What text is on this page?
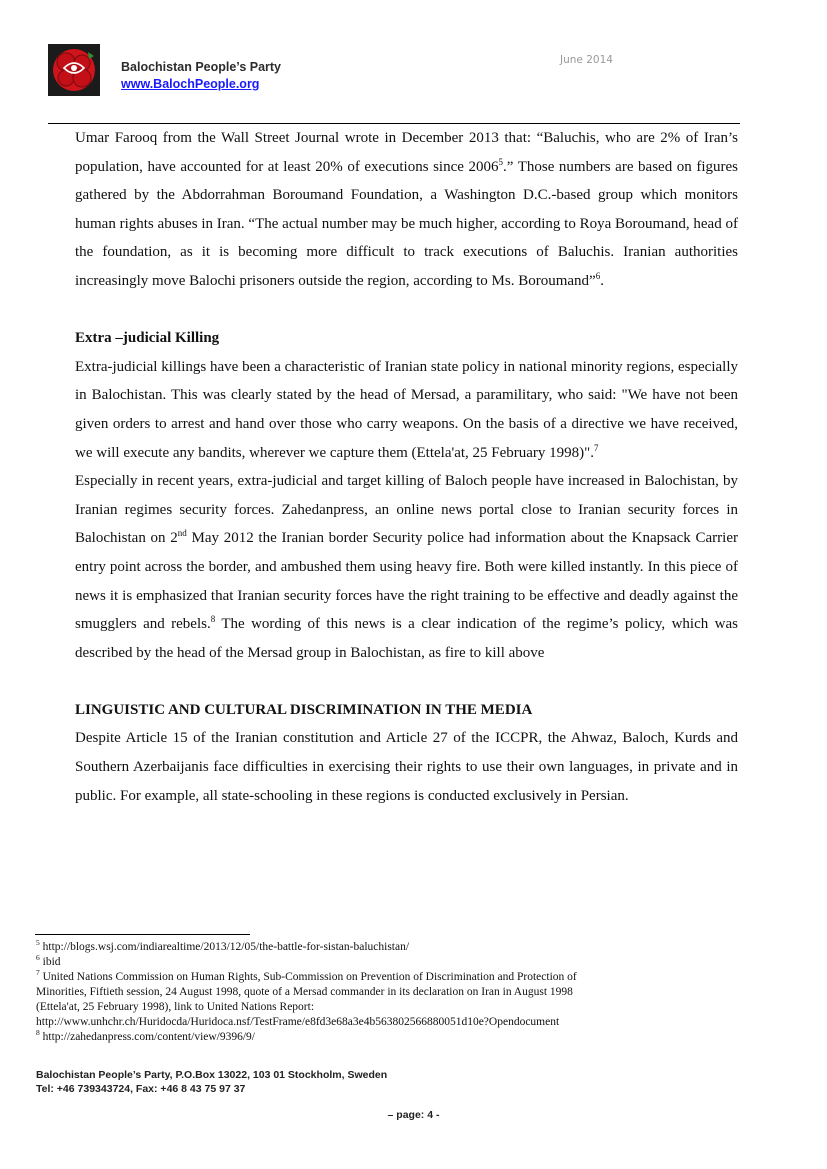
Balochistan People’s Party
www.BalochPeople.org
June 2014

Umar Farooq from the Wall Street Journal wrote in December 2013 that: “Baluchis, who are 2% of Iran’s population, have accounted for at least 20% of executions since 2006$^5$.” Those numbers are based on figures gathered by the Abdorrahman Boroumand Foundation, a Washington D.C.-based group which monitors human rights abuses in Iran. “The actual number may be much higher, according to Roya Boroumand, head of the foundation, as it is becoming more difficult to track executions of Baluchis. Iranian authorities increasingly move Balochi prisoners outside the region, according to Ms. Boroumand”$^6$.

Extra –judicial Killing

Extra-judicial killings have been a characteristic of Iranian state policy in national minority regions, especially in Balochistan. This was clearly stated by the head of Mersad, a paramilitary, who said: "We have not been given orders to arrest and hand over those who carry weapons. On the basis of a directive we have received, we will execute any bandits, wherever we capture them (Ettela'at, 25 February 1998)".$^7$

Especially in recent years, extra-judicial and target killing of Baloch people have increased in Balochistan, by Iranian regimes security forces. Zahedanpress, an online news portal close to Iranian security forces in Balochistan on 2nd May 2012 the Iranian border Security police had information about the Knapsack Carrier entry point across the border, and ambushed them using heavy fire. Both were killed instantly. In this piece of news it is emphasized that Iranian security forces have the right training to be effective and deadly against the smugglers and rebels.$^8$ The wording of this news is a clear indication of the regime’s policy, which was described by the head of the Mersad group in Balochistan, as fire to kill above

LINGUISTIC AND CULTURAL DISCRIMINATION IN THE MEDIA

Despite Article 15 of the Iranian constitution and Article 27 of the ICCPR, the Ahwaz, Baloch, Kurds and Southern Azerbaijanis face difficulties in exercising their rights to use their own languages, in private and in public. For example, all state-schooling in these regions is conducted exclusively in Persian.

$^5$ http://blogs.wsj.com/indiarealtime/2013/12/05/the-battle-for-sistan-baluchistan/

$^6$ ibid

$^7$ United Nations Commission on Human Rights, Sub-Commission on Prevention of Discrimination and Protection of

Minorities, Fiftieth session, 24 August 1998, quote of a Mersad commander in its declaration on Iran in August 1998

(Ettela'at, 25 February 1998), link to United Nations Report:

http://www.unhchr.ch/Huridocda/Huridoca.nsf/TestFrame/e8fd3e68a3e4b563802566880051d10e?Opendocument

$^8$ http://zahedanpress.com/content/view/9396/9/

Balochistan People’s Party, P.O.Box 13022, 103 01 Stockholm, Sweden
Tel: +46 739343724, Fax: +46 8 43 75 97 37
– page: 4 -
